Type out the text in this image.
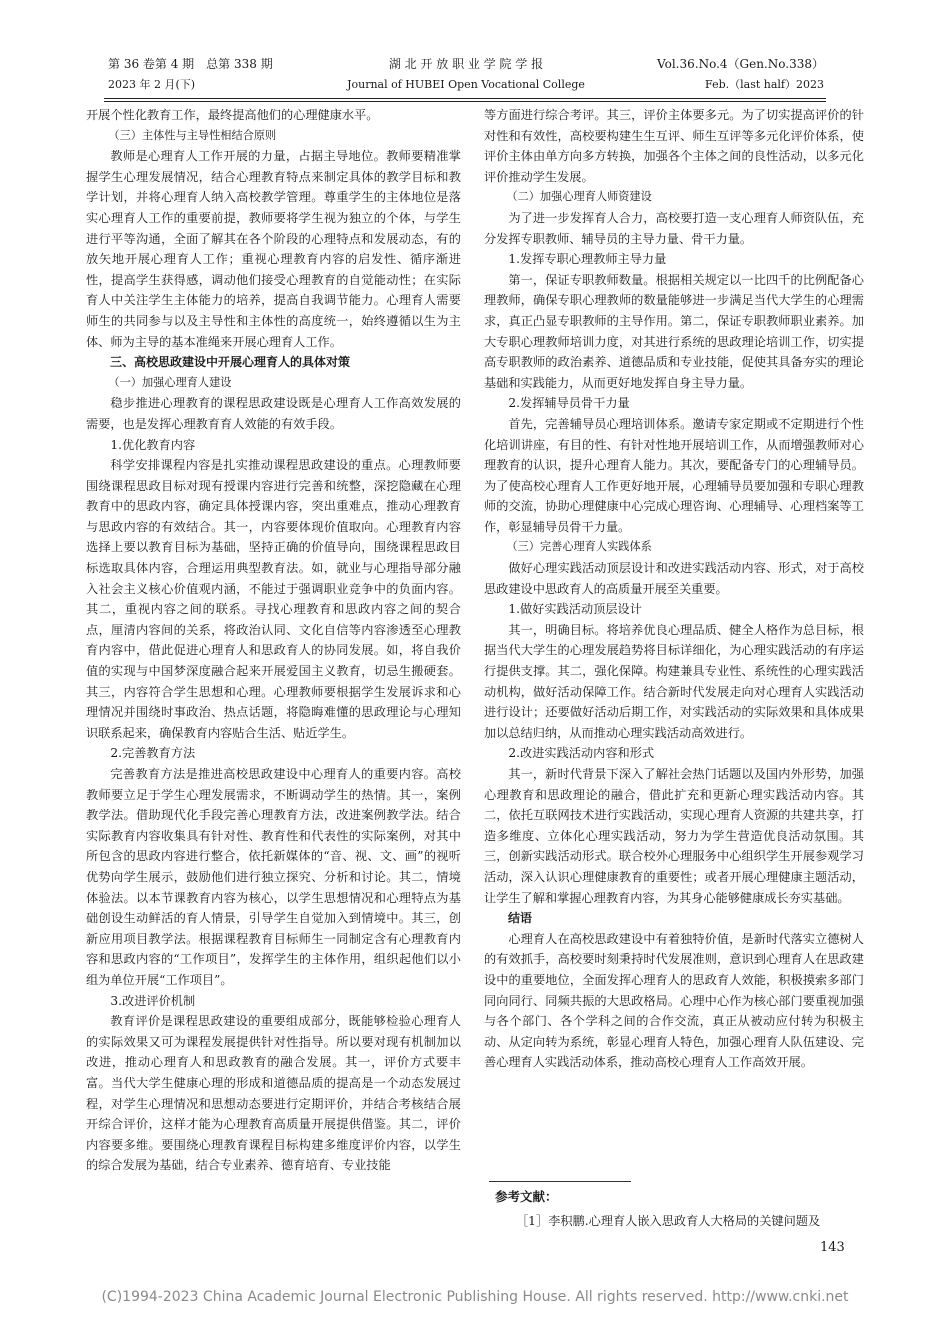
第 36 卷第 4 期　总第 338 期	湖 北 开 放 职 业 学 院 学 报	Vol.36.No.4（Gen.No.338）
2023 年 2 月(下)	Journal of HUBEI Open Vocational College	Feb.（last half）2023

开展个性化教育工作，最终提高他们的心理健康水平。

（三）主体性与主导性相结合原则

教师是心理育人工作开展的力量，占据主导地位。教师要精准掌握学生心理发展情况，结合心理教育特点来制定具体的教学目标和教学计划，并将心理育人纳入高校教学管理。尊重学生的主体地位是落实心理育人工作的重要前提，教师要将学生视为独立的个体，与学生进行平等沟通，全面了解其在各个阶段的心理特点和发展动态，有的放矢地开展心理育人工作；重视心理教育内容的启发性、循序渐进性，提高学生获得感，调动他们接受心理教育的自觉能动性；在实际育人中关注学生主体能力的培养，提高自我调节能力。心理育人需要师生的共同参与以及主导性和主体性的高度统一，始终遵循以生为主体、师为主导的基本准绳来开展心理育人工作。

三、高校思政建设中开展心理育人的具体对策

（一）加强心理育人建设

稳步推进心理教育的课程思政建设既是心理育人工作高效发展的需要，也是发挥心理教育育人效能的有效手段。

1.优化教育内容

科学安排课程内容是扎实推动课程思政建设的重点。心理教师要围绕课程思政目标对现有授课内容进行完善和统整，深挖隐藏在心理教育中的思政内容，确定具体授课内容，突出重难点，推动心理教育与思政内容的有效结合。其一，内容要体现价值取向。心理教育内容选择上要以教育目标为基础，坚持正确的价值导向，围绕课程思政目标选取具体内容，合理运用典型教育法。如，就业与心理指导部分融入社会主义核心价值观内涵，不能过于强调职业竞争中的负面内容。其二，重视内容之间的联系。寻找心理教育和思政内容之间的契合点，厘清内容间的关系，将政治认同、文化自信等内容渗透至心理教育内容中，借此促进心理育人和思政育人的协同发展。如，将自我价值的实现与中国梦深度融合起来开展爱国主义教育，切忌生搬硬套。其三，内容符合学生思想和心理。心理教师要根据学生发展诉求和心理情况并围绕时事政治、热点话题，将隐晦难懂的思政理论与心理知识联系起来，确保教育内容贴合生活、贴近学生。

2.完善教育方法

完善教育方法是推进高校思政建设中心理育人的重要内容。高校教师要立足于学生心理发展需求，不断调动学生的热情。其一，案例教学法。借助现代化手段完善心理教育方法，改进案例教学法。结合实际教育内容收集具有针对性、教育性和代表性的实际案例，对其中所包含的思政内容进行整合，依托新媒体的“音、视、文、画”的视听优势向学生展示，鼓励他们进行独立探究、分析和讨论。其二，情境体验法。以本节课教育内容为核心，以学生思想情况和心理特点为基础创设生动鲜活的育人情景，引导学生自觉加入到情境中。其三，创新应用项目教学法。根据课程教育目标师生一同制定含有心理教育内容和思政内容的“工作项目”，发挥学生的主体作用，组织起他们以小组为单位开展“工作项目”。

3.改进评价机制

教育评价是课程思政建设的重要组成部分，既能够检验心理育人的实际效果又可为课程发展提供针对性指导。所以要对现有机制加以改进，推动心理育人和思政教育的融合发展。其一，评价方式要丰富。当代大学生健康心理的形成和道德品质的提高是一个动态发展过程，对学生心理情况和思想动态要进行定期评价，并结合考核结合展开综合评价，这样才能为心理教育高质量开展提供借鉴。其二，评价内容要多维。要围绕心理教育课程目标构建多维度评价内容，以学生的综合发展为基础，结合专业素养、德育培育、专业技能

等方面进行综合考评。其三，评价主体要多元。为了切实提高评价的针对性和有效性，高校要构建生生互评、师生互评等多元化评价体系，使评价主体由单方向多方转换，加强各个主体之间的良性活动，以多元化评价推动学生发展。

（二）加强心理育人师资建设

为了进一步发挥育人合力，高校要打造一支心理育人师资队伍，充分发挥专职教师、辅导员的主导力量、骨干力量。

1.发挥专职心理教师主导力量

第一，保证专职教师数量。根据相关规定以一比四千的比例配备心理教师，确保专职心理教师的数量能够进一步满足当代大学生的心理需求，真正凸显专职教师的主导作用。第二，保证专职教师职业素养。加大专职心理教师培训力度，对其进行系统的思政理论培训工作，切实提高专职教师的政治素养、道德品质和专业技能，促使其具备夯实的理论基础和实践能力，从而更好地发挥自身主导力量。

2.发挥辅导员骨干力量

首先，完善辅导员心理培训体系。邀请专家定期或不定期进行个性化培训讲座，有目的性、有针对性地开展培训工作，从而增强教师对心理教育的认识，提升心理育人能力。其次，要配备专门的心理辅导员。为了使高校心理育人工作更好地开展，心理辅导员要加强和专职心理教师的交流，协助心理健康中心完成心理咨询、心理辅导、心理档案等工作，彰显辅导员骨干力量。

（三）完善心理育人实践体系

做好心理实践活动顶层设计和改进实践活动内容、形式，对于高校思政建设中思政育人的高质量开展至关重要。

1.做好实践活动顶层设计

其一，明确目标。将培养优良心理品质、健全人格作为总目标，根据当代大学生的心理发展趋势将目标详细化，为心理实践活动的有序运行提供支撑。其二，强化保障。构建兼具专业性、系统性的心理实践活动机构，做好活动保障工作。结合新时代发展走向对心理育人实践活动进行设计；还要做好活动后期工作，对实践活动的实际效果和具体成果加以总结归纳，从而推动心理实践活动高效进行。

2.改进实践活动内容和形式

其一，新时代背景下深入了解社会热门话题以及国内外形势，加强心理教育和思政理论的融合，借此扩充和更新心理实践活动内容。其二，依托互联网技术进行实践活动，实现心理育人资源的共建共享，打造多维度、立体化心理实践活动，努力为学生营造优良活动氛围。其三，创新实践活动形式。联合校外心理服务中心组织学生开展参观学习活动，深入认识心理健康教育的重要性；或者开展心理健康主题活动，让学生了解和掌握心理教育内容，为其身心能够健康成长夯实基础。

结语

心理育人在高校思政建设中有着独特价值，是新时代落实立德树人的有效抓手，高校要时刻秉持时代发展准则，意识到心理育人在思政建设中的重要地位，全面发挥心理育人的思政育人效能，积极摸索多部门同向同行、同频共振的大思政格局。心理中心作为核心部门要重视加强与各个部门、各个学科之间的合作交流，真正从被动应付转为积极主动、从定向转为系统，彰显心理育人特色，加强心理育人队伍建设、完善心理育人实践活动体系，推动高校心理育人工作高效开展。

参考文献：
［1］李积鹏.心理育人嵌入思政育人大格局的关键问题及
143
(C)1994-2023 China Academic Journal Electronic Publishing House. All rights reserved. http://www.cnki.net
